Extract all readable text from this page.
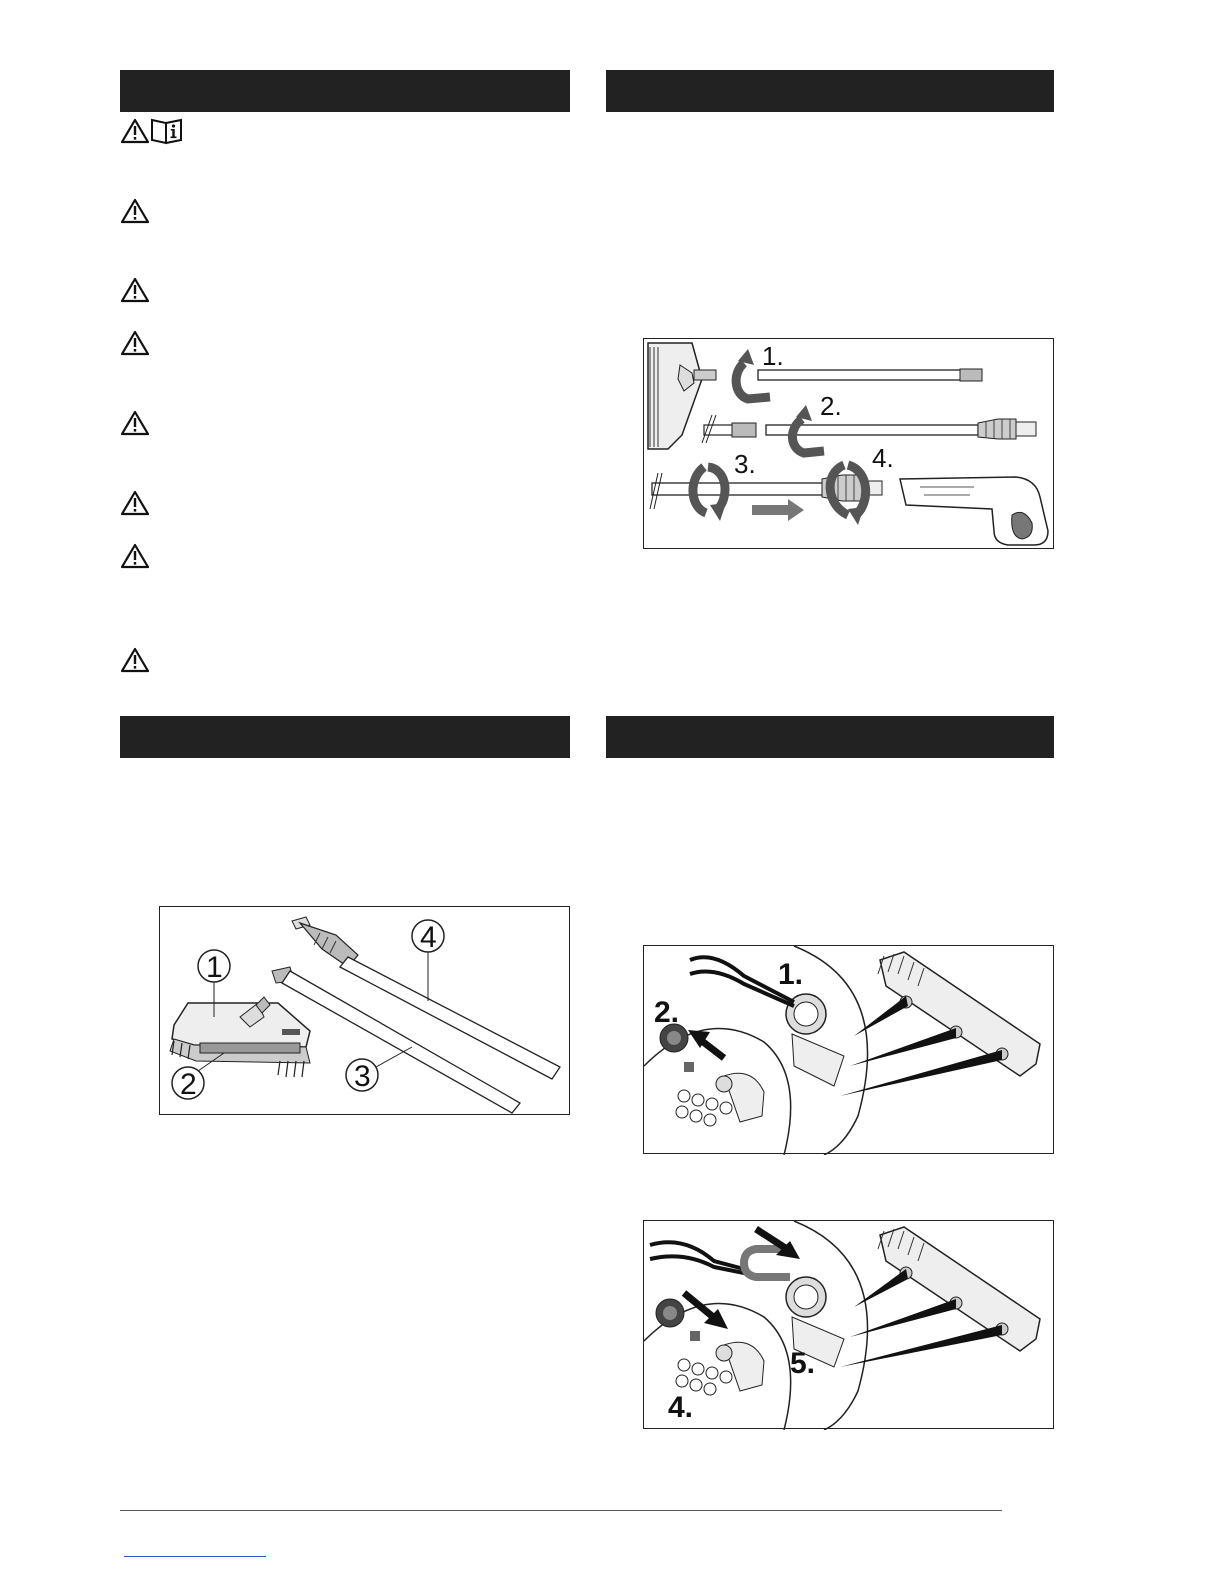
1.
2.
3.	4.
1
2	3
4
1.
2.
4.
5.
